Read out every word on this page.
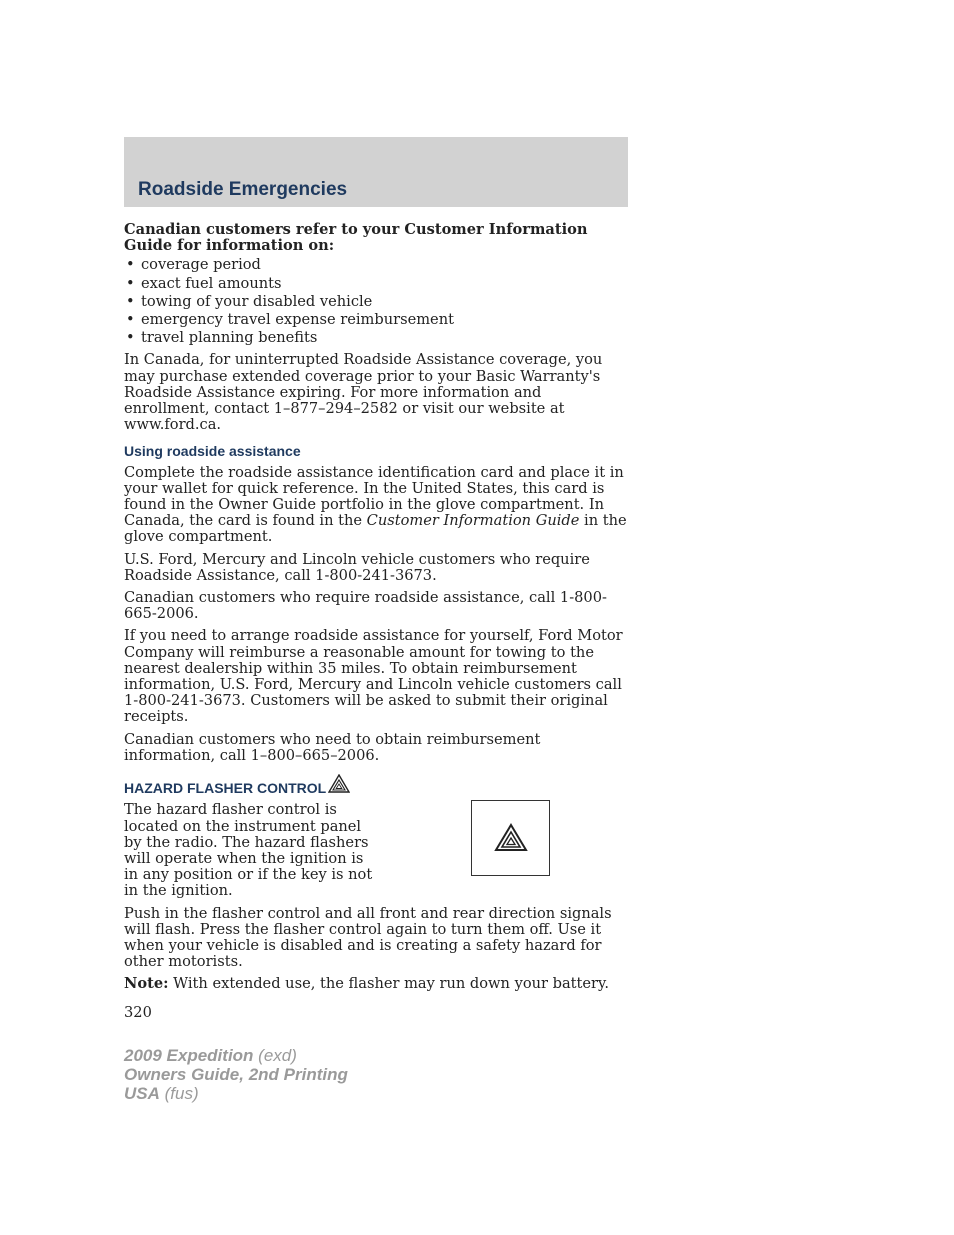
Roadside Emergencies

Canadian customers refer to your Customer Information Guide for information on:

• coverage period
• exact fuel amounts
• towing of your disabled vehicle
• emergency travel expense reimbursement
• travel planning benefits

In Canada, for uninterrupted Roadside Assistance coverage, you may purchase extended coverage prior to your Basic Warranty's Roadside Assistance expiring. For more information and enrollment, contact 1–877–294–2582 or visit our website at www.ford.ca.

Using roadside assistance

Complete the roadside assistance identification card and place it in your wallet for quick reference. In the United States, this card is found in the Owner Guide portfolio in the glove compartment. In Canada, the card is found in the Customer Information Guide in the glove compartment.

U.S. Ford, Mercury and Lincoln vehicle customers who require Roadside Assistance, call 1-800-241-3673.

Canadian customers who require roadside assistance, call 1-800-665-2006.

If you need to arrange roadside assistance for yourself, Ford Motor Company will reimburse a reasonable amount for towing to the nearest dealership within 35 miles. To obtain reimbursement information, U.S. Ford, Mercury and Lincoln vehicle customers call 1-800-241-3673. Customers will be asked to submit their original receipts.

Canadian customers who need to obtain reimbursement information, call 1–800–665–2006.

HAZARD FLASHER CONTROL

The hazard flasher control is located on the instrument panel by the radio. The hazard flashers will operate when the ignition is in any position or if the key is not in the ignition.

Push in the flasher control and all front and rear direction signals will flash. Press the flasher control again to turn them off. Use it when your vehicle is disabled and is creating a safety hazard for other motorists.

Note: With extended use, the flasher may run down your battery.

320

2009 Expedition (exd)
Owners Guide, 2nd Printing
USA (fus)
